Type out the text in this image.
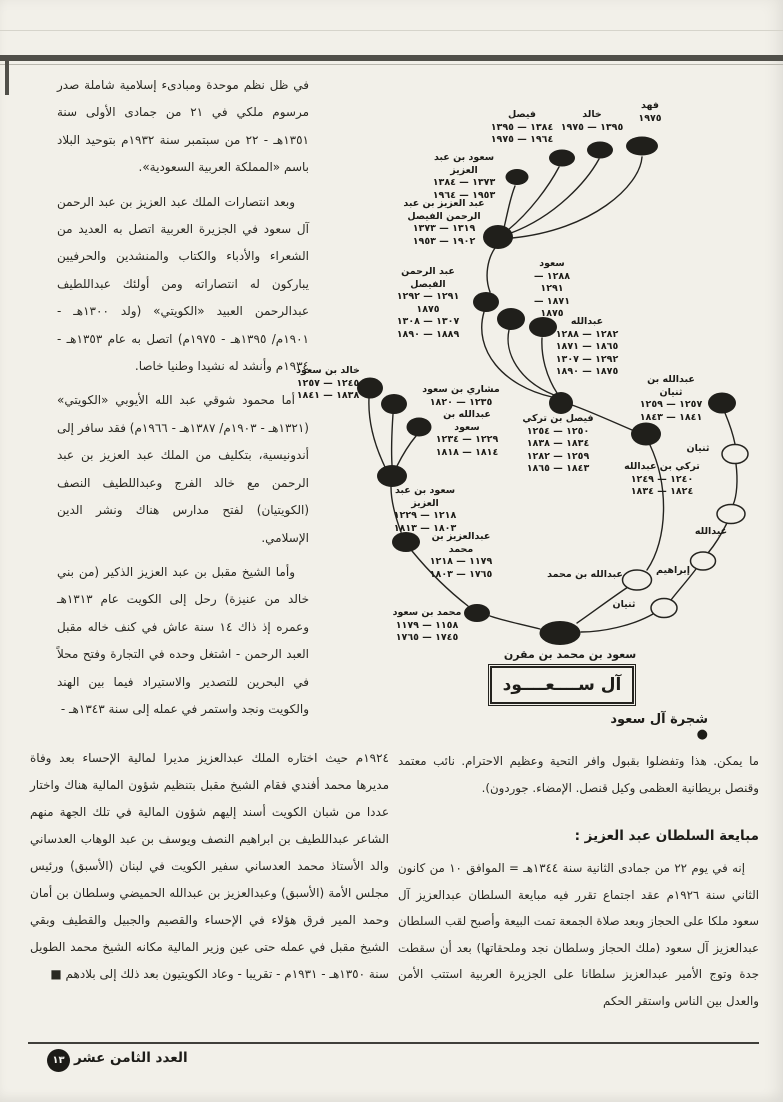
في ظل نظم موحدة ومبادىء إسلامية شاملة صدر مرسوم ملكي في ٢١ من جمادى الأولى سنة ١٣٥١هـ - ٢٢ من سبتمبر سنة ١٩٣٢م بتوحيد البلاد باسم «المملكة العربية السعودية».

وبعد انتصارات الملك عبد العزيز بن عبد الرحمن آل سعود في الجزيرة العربية اتصل به العديد من الشعراء والأدباء والكتاب والمنشدين والحرفيين يباركون له انتصاراته ومن أولئك عبداللطيف عبدالرحمن العبيد «الكويتي» (ولد ١٣٠٠هـ - ١٩٠١م/ ١٣٩٥هـ - ١٩٧٥م) اتصل به عام ١٣٥٣هـ - ١٩٣٤م وأنشد له نشيدا وطنيا خاصا.

أما محمود شوقي عبد الله الأيوبي «الكويتي» (١٣٢١هـ - ١٩٠٣م/ ١٣٨٧هـ - ١٩٦٦م) فقد سافر إلى أندونيسية، بتكليف من الملك عبد العزيز بن عبد الرحمن مع خالد الفرج وعبداللطيف النصف (الكويتيان) لفتح مدارس هناك ونشر الدين الإسلامي.

وأما الشيخ مقبل بن عبد العزيز الذكير (من بني خالد من عنيزة) رحل إلى الكويت عام ١٣١٣هـ وعمره إذ ذاك ١٤ سنة عاش في كنف خاله مقبل العبد الرحمن - اشتغل وحده في التجارة وفتح محلاً في البحرين للتصدير والاستيراد فيما بين الهند والكويت ونجد واستمر في عمله إلى سنة ١٣٤٣هـ -

١٩٢٤م حيث اختاره الملك عبدالعزيز مديرا لمالية الإحساء بعد وفاة مديرها محمد أفندي فقام الشيخ مقبل بتنظيم شؤون المالية هناك واختار عددا من شبان الكويت أسند إليهم شؤون المالية في تلك الجهة منهم الشاعر عبداللطيف بن ابراهيم النصف ويوسف بن عبد الوهاب العدساني والد الأستاذ محمد العدساني سفير الكويت في لبنان (الأسبق) ورئيس مجلس الأمة (الأسبق) وعبدالعزيز بن عبدالله الحميضي وسلطان بن أمان وحمد المير فرق هؤلاء في الإحساء والقصيم والجبيل والقطيف وبقي الشيخ مقبل في عمله حتى عين وزير المالية مكانه الشيخ محمد الطويل سنة ١٣٥٠هـ - ١٩٣١م - تقريبا - وعاد الكويتيون بعد ذلك إلى بلادهم ■

ما يمكن. هذا وتفضلوا بقبول وافر التحية وعظيم الاحترام. نائب معتمد وقنصل بريطانية العظمى وكيل قنصل. الإمضاء. جوردون).

مبايعة السلطان عبد العزيز :

إنه في يوم ٢٢ من جمادى الثانية سنة ١٣٤٤هـ = الموافق ١٠ من كانون الثاني سنة ١٩٢٦م عقد اجتماع تقرر فيه مبايعة السلطان عبدالعزيز آل سعود ملكا على الحجاز وبعد صلاة الجمعة تمت البيعة وأصبح لقب السلطان عبدالعزيز آل سعود (ملك الحجاز وسلطان نجد وملحقاتها) بعد أن سقطت جدة وتوج الأمير عبدالعزيز سلطانا على الجزيرة العربية استتب الأمن والعدل بين الناس واستقر الحكم

فهد
١٩٧٥
خالد
١٣٩٥ — ١٩٧٥
فيصل
١٣٨٤ — ١٣٩٥
١٩٦٤ — ١٩٧٥
سعود بن عبد العزيز
١٣٧٣ — ١٣٨٤
١٩٥٣ — ١٩٦٤
عبد العزيز بن عبد الرحمن الفيصل
١٣١٩ — ١٣٧٣
١٩٠٢ — ١٩٥٣
سعود
١٢٨٨ — ١٢٩١
١٨٧١ — ١٨٧٥
عبد الرحمن الفيصل
١٢٩١ — ١٢٩٢
١٨٧٥
١٣٠٧ — ١٣٠٨
١٨٨٩ — ١٨٩٠
عبدالله
١٢٨٢ — ١٢٨٨
١٨٦٥ — ١٨٧١
١٢٩٢ — ١٣٠٧
١٨٧٥ — ١٨٩٠
عبدالله بن ثنيان
١٢٥٧ — ١٢٥٩
١٨٤١ — ١٨٤٣
فيصل بن تركي
١٢٥٠ — ١٢٥٤
١٨٣٤ — ١٨٣٨
١٢٥٩ — ١٢٨٢
١٨٤٣ — ١٨٦٥	تركي بن عبدالله
١٢٤٠ — ١٢٤٩
١٨٢٤ — ١٨٣٤
خالد بن سعود
١٢٤٥ — ١٢٥٧
١٨٣٨ — ١٨٤١
مشاري بن سعود
١٢٣٥ — ١٨٢٠
عبدالله بن سعود
١٢٢٩ — ١٢٣٤
١٨١٤ — ١٨١٨
سعود بن عبد العزيز
١٢١٨ — ١٢٢٩
١٨٠٣ — ١٨١٣
عبدالعزيز بن محمد
١١٧٩ — ١٢١٨
١٧٦٥ — ١٨٠٣
محمد بن سعود
١١٥٨ — ١١٧٩
١٧٤٥ — ١٧٦٥
سعود بن محمد بن مقرن
ثنيان
عبدالله
إبراهيم
عبدالله بن محمد
ثنيان
آل ســــعــــود
شجرة آل سعود ●
١٣ العدد الثامن عشر
